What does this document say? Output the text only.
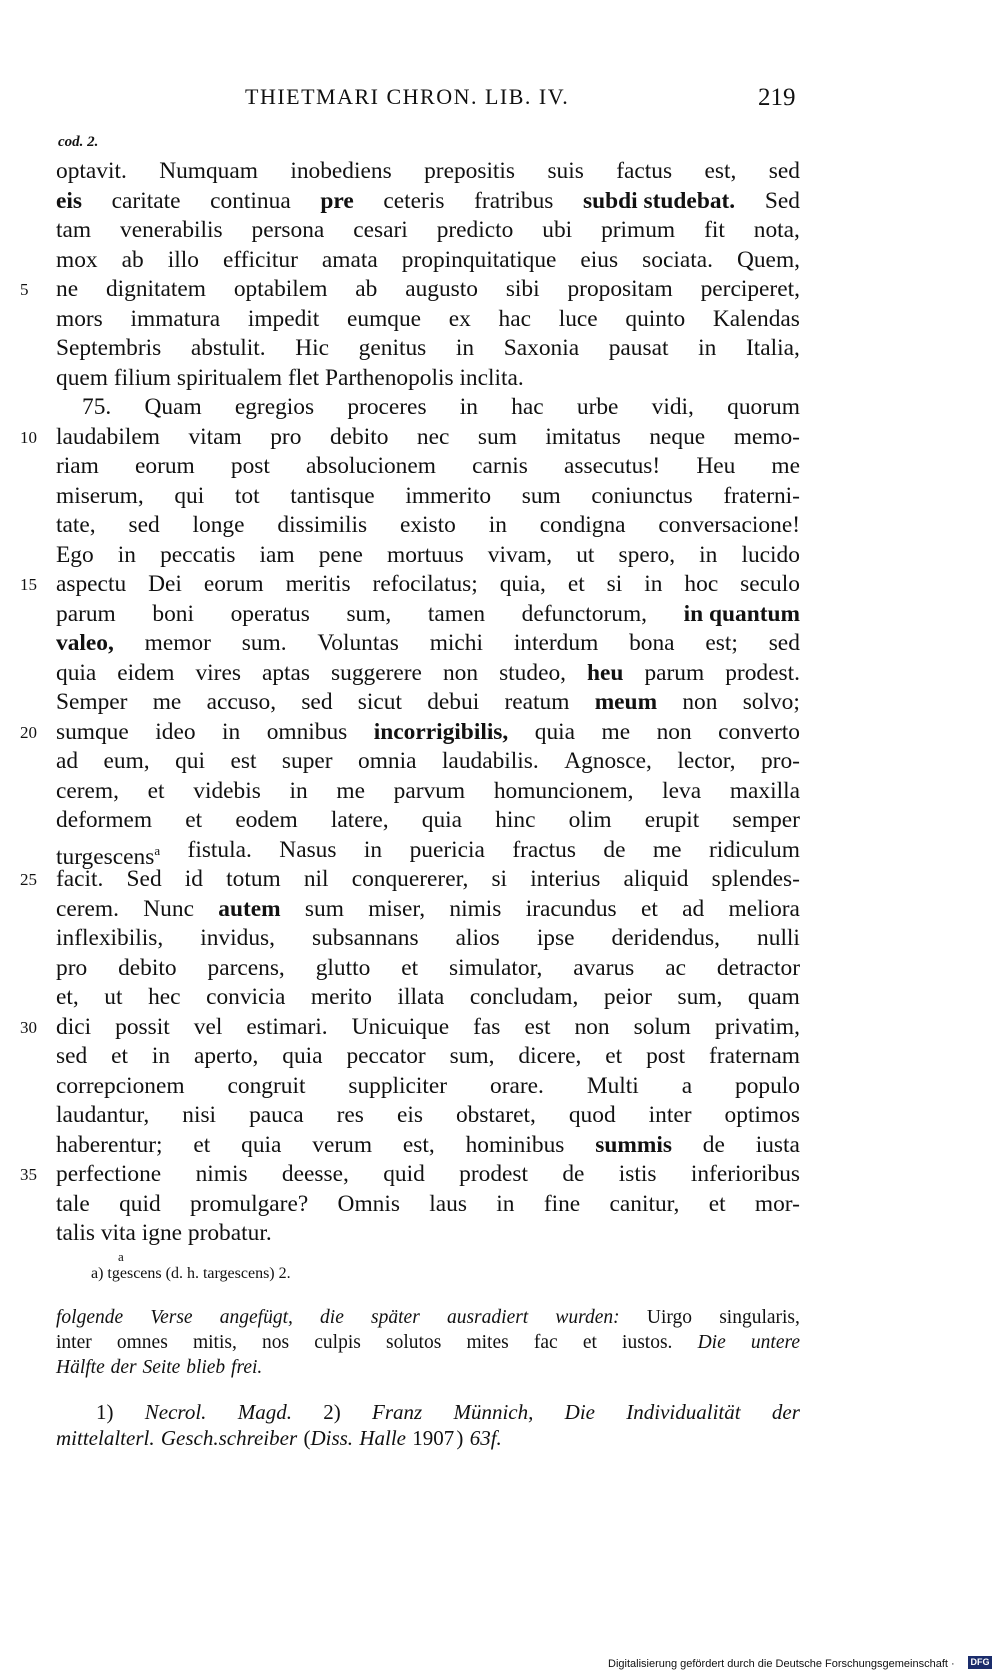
THIETMARI CHRON. LIB. IV.	219
cod. 2.
optavit. Numquam inobediens prepositis suis factus est, sed
eis caritate continua pre ceteris fratribus subdi studebat. Sed
tam venerabilis persona cesari predicto ubi primum fit nota,
mox ab illo efficitur amata propinquitatique eius sociata. Quem,
ne dignitatem optabilem ab augusto sibi propositam perciperet,
mors immatura impedit eumque ex hac luce quinto Kalendas
Septembris abstulit. Hic genitus in Saxonia pausat in Italia,
quem filium spiritualem flet Parthenopolis inclita.
75. Quam egregios proceres in hac urbe vidi, quorum
laudabilem vitam pro debito nec sum imitatus neque memo-
riam eorum post absolucionem carnis assecutus! Heu me
miserum, qui tot tantisque immerito sum coniunctus fraterni-
tate, sed longe dissimilis existo in condigna conversacione!
Ego in peccatis iam pene mortuus vivam, ut spero, in lucido
aspectu Dei eorum meritis refocilatus; quia, et si in hoc seculo
parum boni operatus sum, tamen defunctorum, in quantum
valeo, memor sum. Voluntas michi interdum bona est; sed
quia eidem vires aptas suggerere non studeo, heu parum prodest.
Semper me accuso, sed sicut debui reatum meum non solvo;
sumque ideo in omnibus incorrigibilis, quia me non converto
ad eum, qui est super omnia laudabilis. Agnosce, lector, pro-
cerem, et videbis in me parvum homuncionem, leva maxilla
deformem et eodem latere, quia hinc olim erupit semper
turgescens$^a$ fistula. Nasus in puericia fractus de me ridiculum
facit. Sed id totum nil conquererer, si interius aliquid splendes-
cerem. Nunc autem sum miser, nimis iracundus et ad meliora
inflexibilis, invidus, subsannans alios ipse deridendus, nulli
pro debito parcens, glutto et simulator, avarus ac detractor
et, ut hec convicia merito illata concludam, peior sum, quam
dici possit vel estimari. Unicuique fas est non solum privatim,
sed et in aperto, quia peccator sum, dicere, et post fraternam
correpcionem congruit suppliciter orare. Multi a populo
laudantur, nisi pauca res eis obstaret, quod inter optimos
haberentur; et quia verum est, hominibus summis de iusta
perfectione nimis deesse, quid prodest de istis inferioribus
tale quid promulgare? Omnis laus in fine canitur, et mor-
talis vita igne probatur.
5
10
15
20
25
30
35
a
a) tgescens (d. h. targescens) 2.
folgende Verse angefügt, die später ausradiert wurden: Uirgo singularis,
inter omnes mitis, nos culpis solutos mites fac et iustos. Die untere
Hälfte der Seite blieb frei.
1) Necrol. Magd. 2) Franz Münnich, Die Individualität der
mittelalterl. Gesch.schreiber (Diss. Halle 1907) 63f.
Digitalisierung gefördert durch die Deutsche Forschungsgemeinschaft · DFG
